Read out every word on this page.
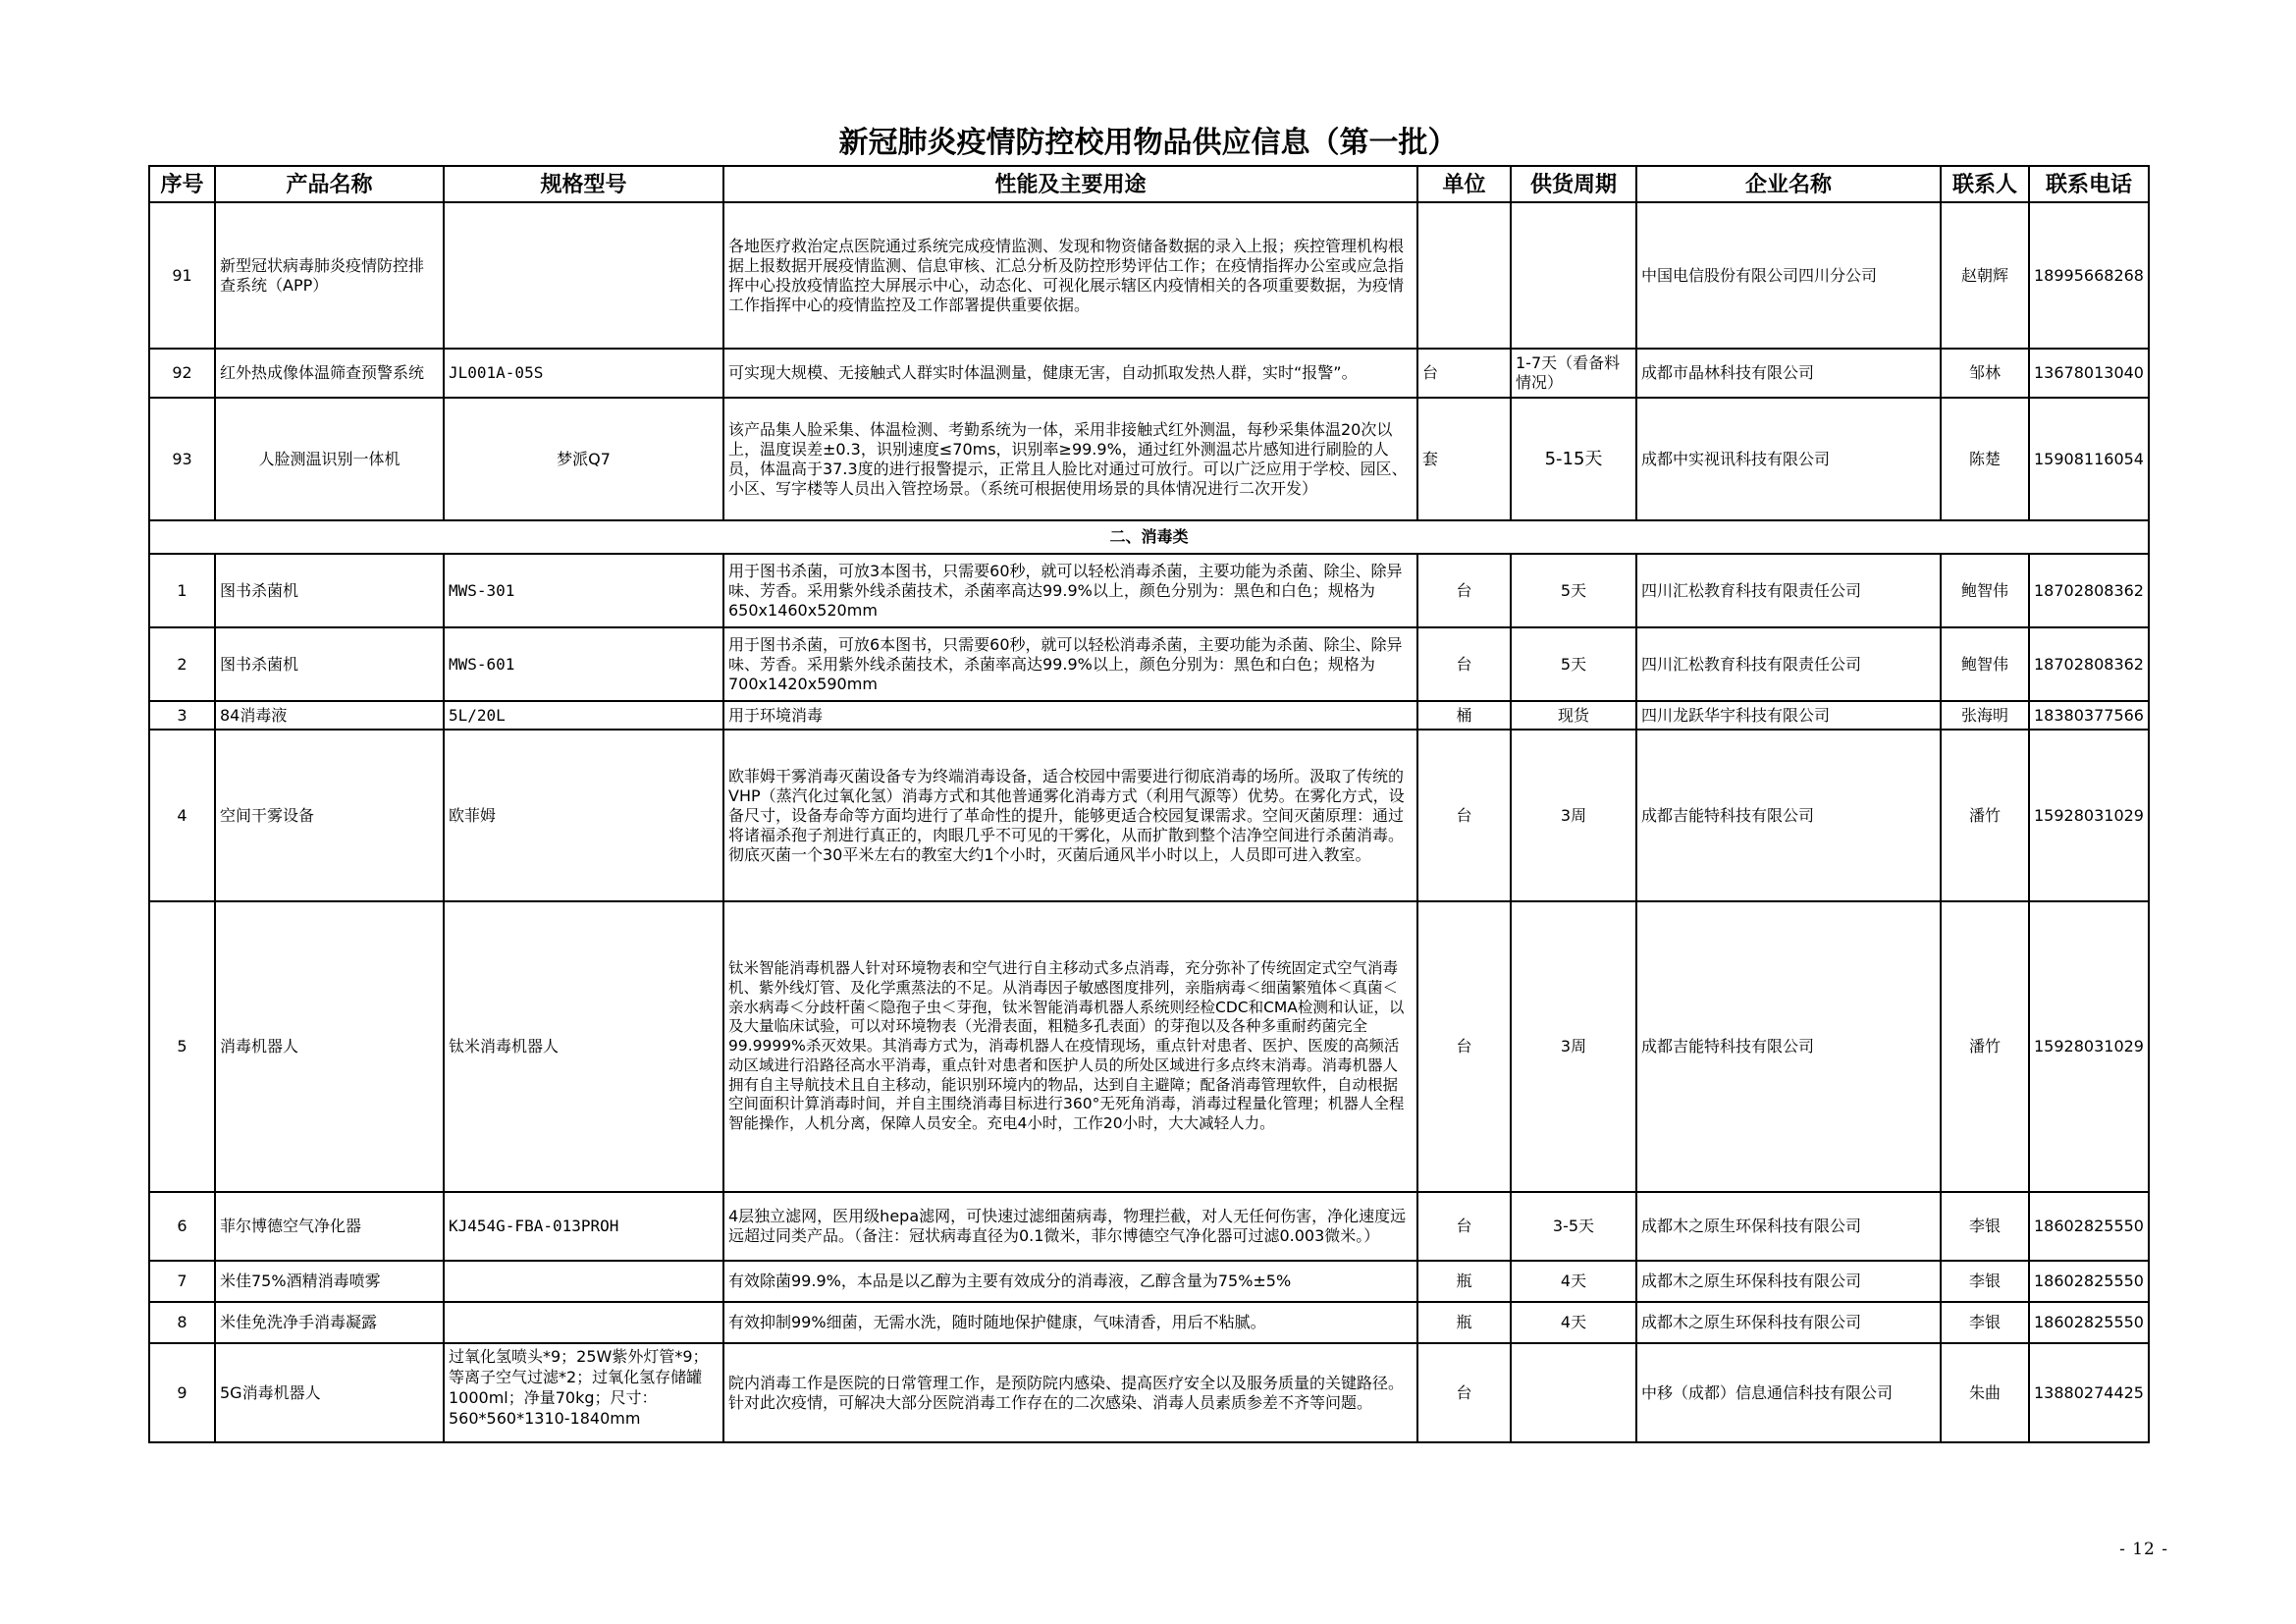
新冠肺炎疫情防控校用物品供应信息（第一批）
序号	产品名称	规格型号	性能及主要用途	单位	供货周期	企业名称	联系人	联系电话
91	新型冠状病毒肺炎疫情防控排查系统（APP）		各地医疗救治定点医院通过系统完成疫情监测、发现和物资储备数据的录入上报；疾控管理机构根据上报数据开展疫情监测、信息审核、汇总分析及防控形势评估工作；在疫情指挥办公室或应急指挥中心投放疫情监控大屏展示中心，动态化、可视化展示辖区内疫情相关的各项重要数据，为疫情工作指挥中心的疫情监控及工作部署提供重要依据。			中国电信股份有限公司四川分公司	赵朝辉	18995668268
92	红外热成像体温筛查预警系统	JL001A-05S	可实现大规模、无接触式人群实时体温测量，健康无害，自动抓取发热人群，实时“报警”。	台	1-7天（看备料情况）	成都市晶林科技有限公司	邹林	13678013040
93	人脸测温识别一体机	梦派Q7	该产品集人脸采集、体温检测、考勤系统为一体，采用非接触式红外测温，每秒采集体温20次以上，温度误差±0.3，识别速度≤70ms，识别率≥99.9%，通过红外测温芯片感知进行刷脸的人员，体温高于37.3度的进行报警提示，正常且人脸比对通过可放行。可以广泛应用于学校、园区、小区、写字楼等人员出入管控场景。（系统可根据使用场景的具体情况进行二次开发）	套	5-15天	成都中实视讯科技有限公司	陈楚	15908116054
二、消毒类								
1	图书杀菌机	MWS-301	用于图书杀菌，可放3本图书，只需要60秒，就可以轻松消毒杀菌，主要功能为杀菌、除尘、除异味、芳香。采用紫外线杀菌技术，杀菌率高达99.9%以上，颜色分别为：黑色和白色；规格为650x1460x520mm	台	5天	四川汇松教育科技有限责任公司	鲍智伟	18702808362
2	图书杀菌机	MWS-601	用于图书杀菌，可放6本图书，只需要60秒，就可以轻松消毒杀菌，主要功能为杀菌、除尘、除异味、芳香。采用紫外线杀菌技术，杀菌率高达99.9%以上，颜色分别为：黑色和白色；规格为700x1420x590mm	台	5天	四川汇松教育科技有限责任公司	鲍智伟	18702808362
3	84消毒液	5L/20L	用于环境消毒	桶	现货	四川龙跃华宇科技有限公司	张海明	18380377566
4	空间干雾设备	欧菲姆	欧菲姆干雾消毒灭菌设备专为终端消毒设备，适合校园中需要进行彻底消毒的场所。汲取了传统的VHP（蒸汽化过氧化氢）消毒方式和其他普通雾化消毒方式（利用气源等）优势。在雾化方式，设备尺寸，设备寿命等方面均进行了革命性的提升，能够更适合校园复课需求。空间灭菌原理：通过将诸福杀孢子剂进行真正的，肉眼几乎不可见的干雾化，从而扩散到整个洁净空间进行杀菌消毒。彻底灭菌一个30平米左右的教室大约1个小时，灭菌后通风半小时以上，人员即可进入教室。	台	3周	成都吉能特科技有限公司	潘竹	15928031029
5	消毒机器人	钛米消毒机器人	钛米智能消毒机器人针对环境物表和空气进行自主移动式多点消毒，充分弥补了传统固定式空气消毒机、紫外线灯管、及化学熏蒸法的不足。从消毒因子敏感图度排列，亲脂病毒＜细菌繁殖体＜真菌＜亲水病毒＜分歧杆菌＜隐孢子虫＜芽孢，钛米智能消毒机器人系统则经检CDC和CMA检测和认证，以及大量临床试验，可以对环境物表（光滑表面，粗糙多孔表面）的芽孢以及各种多重耐药菌完全99.9999%杀灭效果。其消毒方式为，消毒机器人在疫情现场，重点针对患者、医护、医废的高频活动区域进行沿路径高水平消毒，重点针对患者和医护人员的所处区域进行多点终末消毒。消毒机器人拥有自主导航技术且自主移动，能识别环境内的物品，达到自主避障；配备消毒管理软件，自动根据空间面积计算消毒时间，并自主围绕消毒目标进行360°无死角消毒，消毒过程量化管理；机器人全程智能操作，人机分离，保障人员安全。充电4小时，工作20小时，大大减轻人力。	台	3周	成都吉能特科技有限公司	潘竹	15928031029
6	菲尔博德空气净化器	KJ454G-FBA-013PROH	4层独立滤网，医用级hepa滤网，可快速过滤细菌病毒，物理拦截，对人无任何伤害，净化速度远远超过同类产品。（备注：冠状病毒直径为0.1微米，菲尔博德空气净化器可过滤0.003微米。）	台	3-5天	成都木之原生环保科技有限公司	李银	18602825550
7	米佳75%酒精消毒喷雾		有效除菌99.9%，本品是以乙醇为主要有效成分的消毒液，乙醇含量为75%±5%	瓶	4天	成都木之原生环保科技有限公司	李银	18602825550
8	米佳免洗净手消毒凝露		有效抑制99%细菌，无需水洗，随时随地保护健康，气味清香，用后不粘腻。	瓶	4天	成都木之原生环保科技有限公司	李银	18602825550
9	5G消毒机器人	过氧化氢喷头*9；25W紫外灯管*9；等离子空气过滤*2；过氧化氢存储罐1000ml；净量70kg；尺寸：560*560*1310-1840mm	院内消毒工作是医院的日常管理工作，是预防院内感染、提高医疗安全以及服务质量的关键路径。针对此次疫情，可解决大部分医院消毒工作存在的二次感染、消毒人员素质参差不齐等问题。	台		中移（成都）信息通信科技有限公司	朱曲	13880274425
- 12 -
